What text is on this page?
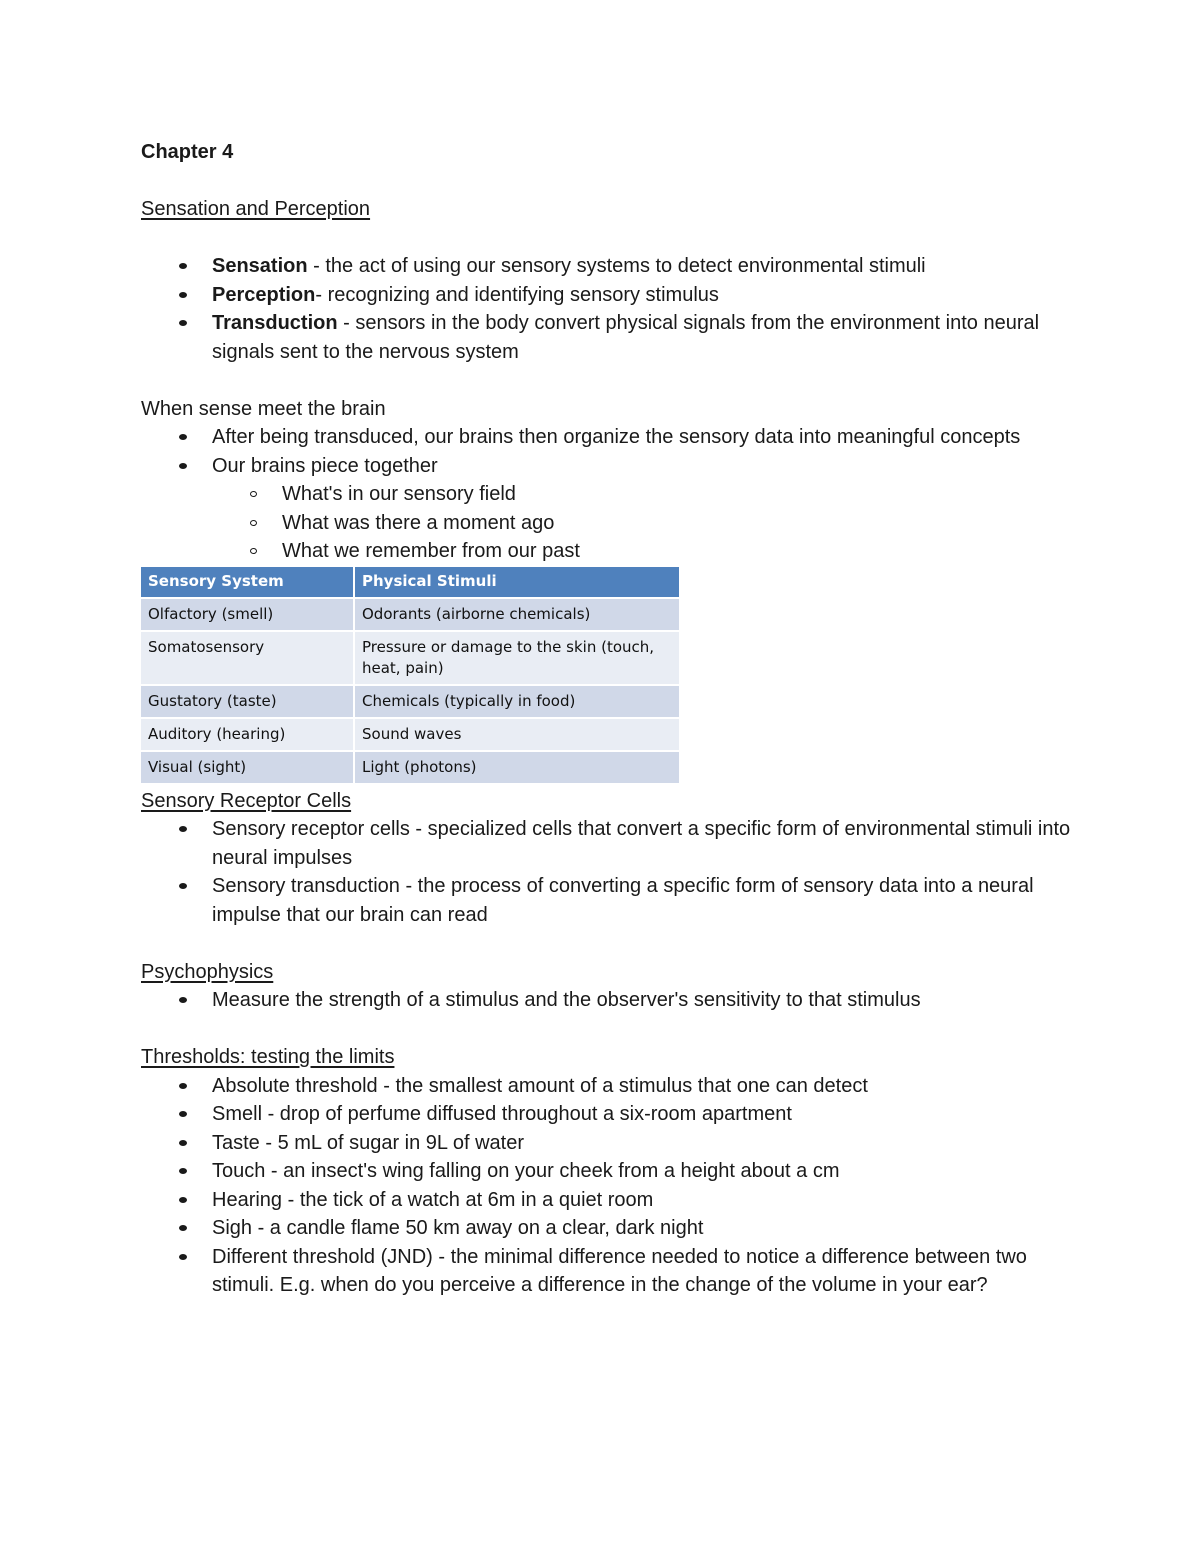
Chapter 4

Sensation and Perception

Sensation - the act of using our sensory systems to detect environmental stimuli
Perception- recognizing and identifying sensory stimulus
Transduction - sensors in the body convert physical signals from the environment into neural signals sent to the nervous system

When sense meet the brain

After being transduced, our brains then organize the sensory data into meaningful concepts
Our brains piece together
What's in our sensory field
What was there a moment ago
What we remember from our past
Sensory System	Physical Stimuli
Olfactory (smell)	Odorants (airborne chemicals)
Somatosensory	Pressure or damage to the skin (touch, heat, pain)
Gustatory (taste)	Chemicals (typically in food)
Auditory (hearing)	Sound waves
Visual (sight)	Light (photons)

Sensory Receptor Cells

Sensory receptor cells - specialized cells that convert a specific form of environmental stimuli into neural impulses
Sensory transduction - the process of converting a specific form of sensory data into a neural impulse that our brain can read

Psychophysics

Measure the strength of a stimulus and the observer's sensitivity to that stimulus

Thresholds: testing the limits

Absolute threshold - the smallest amount of a stimulus that one can detect
Smell - drop of perfume diffused throughout a six-room apartment
Taste - 5 mL of sugar in 9L of water
Touch - an insect's wing falling on your cheek from a height about a cm
Hearing - the tick of a watch at 6m in a quiet room
Sigh - a candle flame 50 km away on a clear, dark night
Different threshold (JND) - the minimal difference needed to notice a difference between two stimuli. E.g. when do you perceive a difference in the change of the volume in your ear?
